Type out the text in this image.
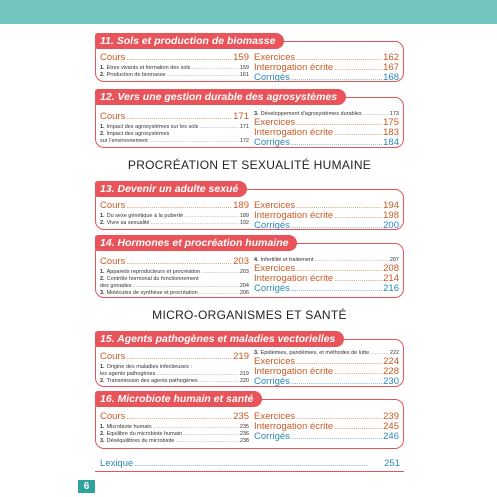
11. Sols et production de biomasse
Cours .....	159
1. Êtres vivants et formation des sols .....	159
2. Production de biomasse .....	161
Exercices .....	162
Interrogation écrite .....	167
Corrigés .....	168
12. Vers une gestion durable des agrosystèmes
Cours .....	171
1. Impact des agrosystèmes sur les sols .....	171
2. Impact des agrosystèmes
sur l'environnement .....	172
3. Développement d'agrosystèmes durables .....	173
Exercices .....	175
Interrogation écrite .....	183
Corrigés .....	184
PROCRÉATION ET SEXUALITÉ HUMAINE
13. Devenir un adulte sexué
Cours .....	189
1. Du sexe génétique à la puberté .....	189
2. Vivre sa sexualité .....	192
Exercices .....	194
Interrogation écrite .....	198
Corrigés .....	200
14. Hormones et procréation humaine
Cours .....	203
1. Appareils reproducteurs et procréation .....	203
2. Contrôle hormonal du fonctionnement
des gonades .....	204
3. Molécules de synthèse et procréation .....	206
4. Infertilité et traitement .....	207
Exercices .....	208
Interrogation écrite .....	214
Corrigés .....	216
MICRO-ORGANISMES ET SANTÉ
15. Agents pathogènes et maladies vectorielles
Cours .....	219
1. Origine des maladies infectieuses :
les agents pathogènes .....	219
2. Transmission des agents pathogènes .....	220
3. Épidémies, pandémies, et méthodes de lutte .....	222
Exercices .....	224
Interrogation écrite .....	228
Corrigés .....	230
16. Microbiote humain et santé
Cours .....	235
1. Microbiote humain .....	235
2. Équilibre du microbiote humain .....	236
3. Déséquilibres du microbiote .....	238
Exercices .....	239
Interrogation écrite .....	245
Corrigés .....	246
Lexique .....	251
6
